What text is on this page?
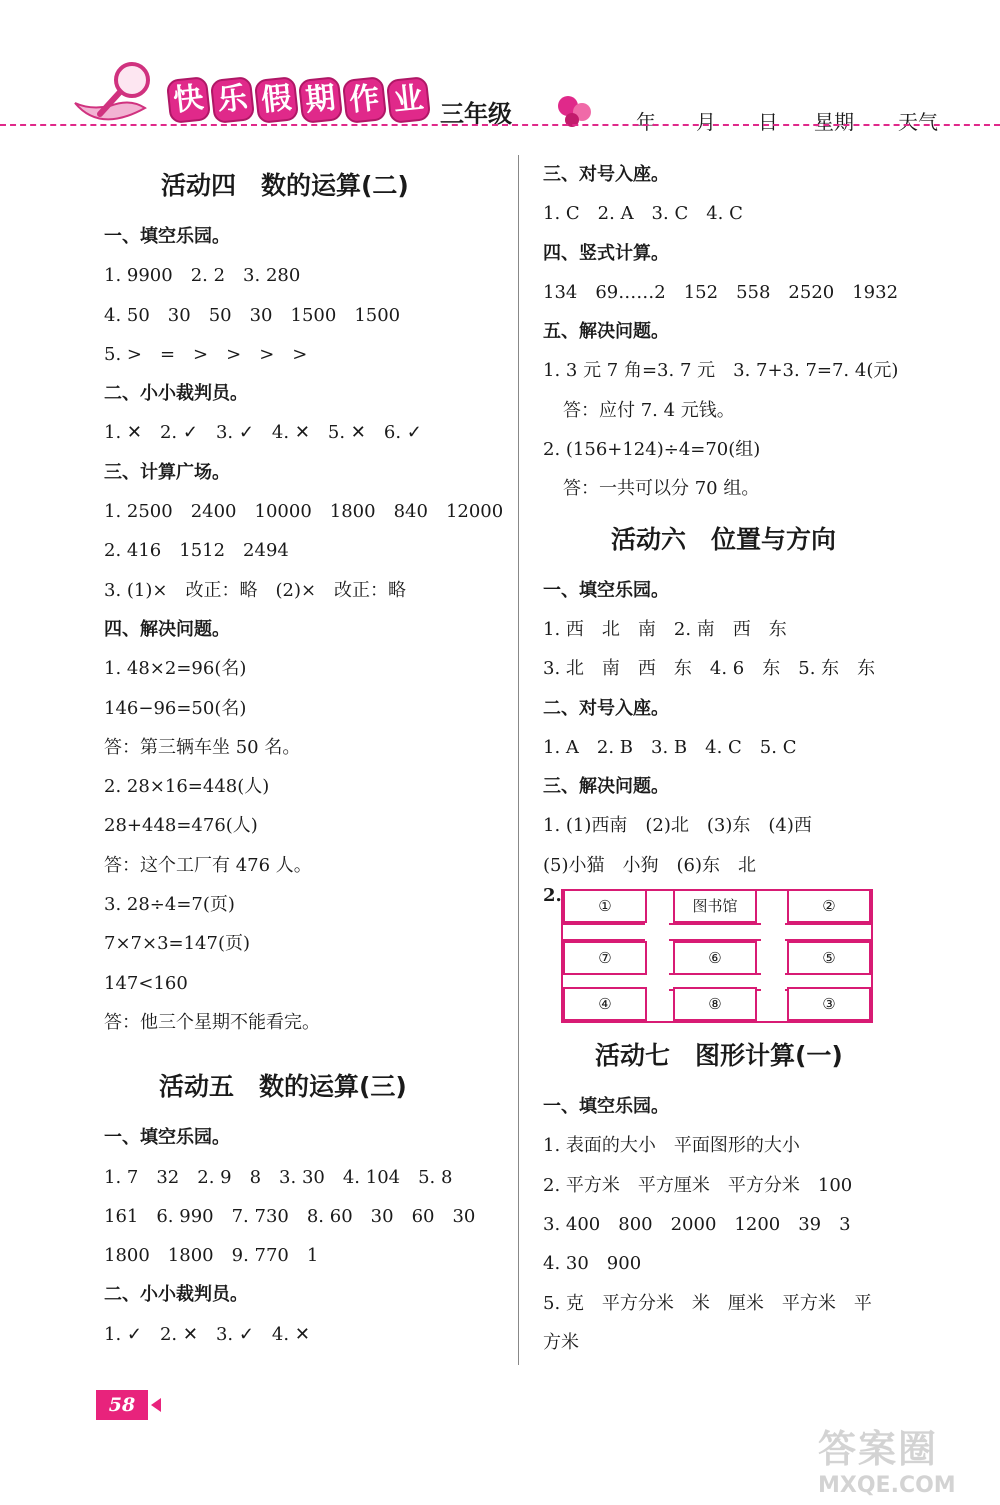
快 乐 假 期 作 业 三年级	年	月	日	星期	天气
活动四　数的运算(二)
一、填空乐园。
1. 9900　2. 2　3. 280
4. 50　30　50　30　1500　1500
5. >　=　>　>　>　>
二、小小裁判员。
1. ✕　2. ✓　3. ✓　4. ✕　5. ✕　6. ✓
三、计算广场。
1. 2500　2400　10000　1800　840　12000
2. 416　1512　2494
3. (1)×　改正：略　(2)×　改正：略
四、解决问题。
1. 48×2=96(名)
146−96=50(名)
答：第三辆车坐 50 名。
2. 28×16=448(人)
28+448=476(人)
答：这个工厂有 476 人。
3. 28÷4=7(页)
7×7×3=147(页)
147<160
答：他三个星期不能看完。
活动五　数的运算(三)
一、填空乐园。
1. 7　32　2. 9　8　3. 30　4. 104　5. 8
161　6. 990　7. 730　8. 60　30　60　30
1800　1800　9. 770　1
二、小小裁判员。
1. ✓　2. ✕　3. ✓　4. ✕
三、对号入座。
1. C　2. A　3. C　4. C
四、竖式计算。
134　69……2　152　558　2520　1932
五、解决问题。
1. 3 元 7 角=3. 7 元　3. 7+3. 7=7. 4(元)
答：应付 7. 4 元钱。
2. (156+124)÷4=70(组)
答：一共可以分 70 组。
活动六　位置与方向
一、填空乐园。
1. 西　北　南　2. 南　西　东
3. 北　南　西　东　4. 6　东　5. 东　东
二、对号入座。
1. A　2. B　3. B　4. C　5. C
三、解决问题。
1. (1)西南　(2)北　(3)东　(4)西
(5)小猫　小狗　(6)东　北
2.	①	图书馆	②
⑦	⑥	⑤
④	⑧	③
活动七　图形计算(一)
一、填空乐园。
1. 表面的大小　平面图形的大小
2. 平方米　平方厘米　平方分米　100
3. 400　800　2000　1200　39　3
4. 30　900
5. 克　平方分米　米　厘米　平方米　平
方米
58
答案圈
MXQE.COM
